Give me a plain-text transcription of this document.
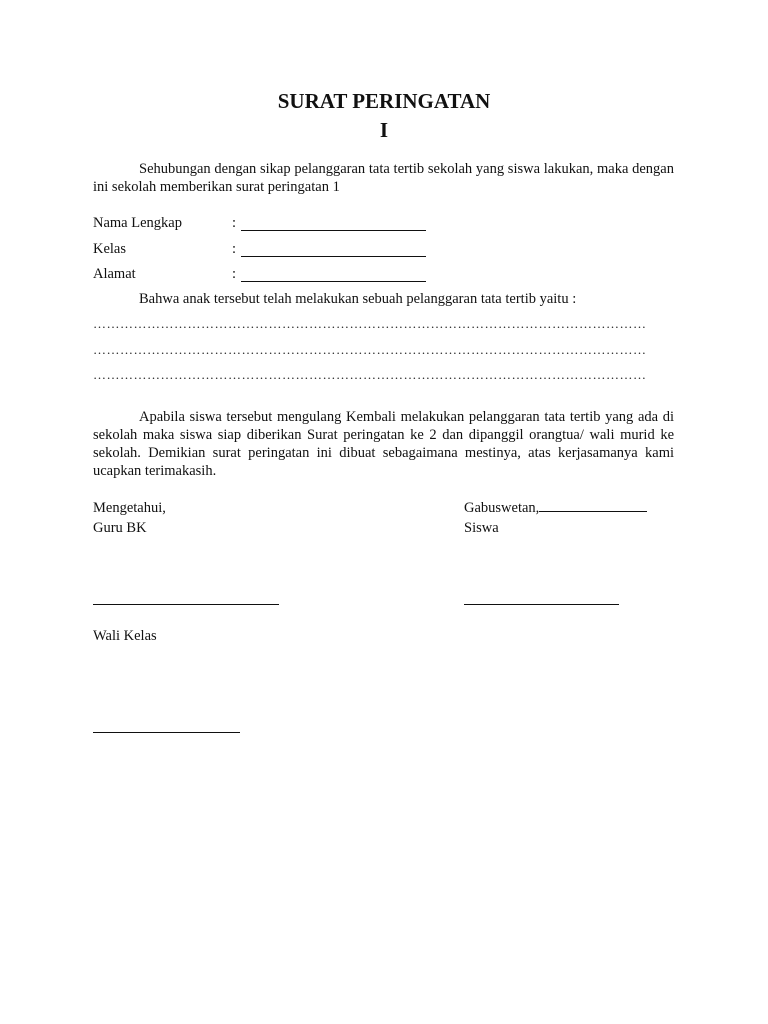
SURAT PERINGATAN
I

Sehubungan dengan sikap pelanggaran tata tertib sekolah yang siswa lakukan, maka dengan ini sekolah memberikan surat peringatan 1

Nama Lengkap	:
Kelas	:
Alamat	:

Bahwa anak tersebut telah melakukan sebuah pelanggaran tata tertib yaitu :

……………………………………………………………………………………………………………
……………………………………………………………………………………………………………
……………………………………………………………………………………………………………

Apabila siswa tersebut mengulang Kembali melakukan pelanggaran tata tertib yang ada di sekolah maka siswa siap diberikan Surat peringatan ke 2 dan dipanggil orangtua/ wali murid ke sekolah. Demikian surat peringatan ini dibuat sebagaimana mestinya, atas kerjasamanya kami ucapkan terimakasih.

Mengetahui,

Guru BK

Gabuswetan,

Siswa

Wali Kelas
